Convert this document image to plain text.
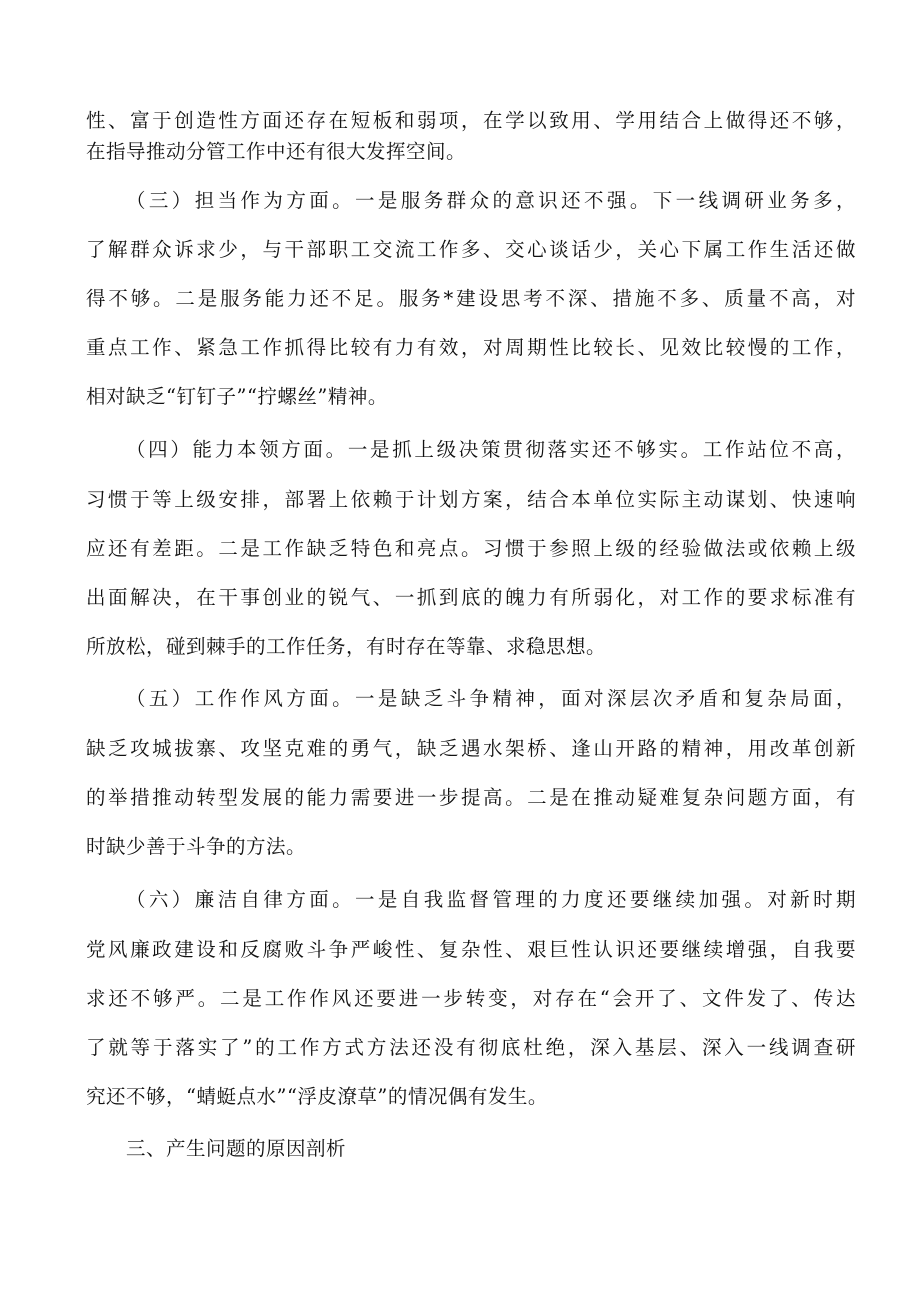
性、富于创造性方面还存在短板和弱项，在学以致用、学用结合上做得还不够，
在指导推动分管工作中还有很大发挥空间。
（三）担当作为方面。一是服务群众的意识还不强。下一线调研业务多，
了解群众诉求少，与干部职工交流工作多、交心谈话少，关心下属工作生活还做
得不够。二是服务能力还不足。服务*建设思考不深、措施不多、质量不高，对
重点工作、紧急工作抓得比较有力有效，对周期性比较长、见效比较慢的工作，
相对缺乏“钉钉子”“拧螺丝”精神。
（四）能力本领方面。一是抓上级决策贯彻落实还不够实。工作站位不高，
习惯于等上级安排，部署上依赖于计划方案，结合本单位实际主动谋划、快速响
应还有差距。二是工作缺乏特色和亮点。习惯于参照上级的经验做法或依赖上级
出面解决，在干事创业的锐气、一抓到底的魄力有所弱化，对工作的要求标准有
所放松，碰到棘手的工作任务，有时存在等靠、求稳思想。
（五）工作作风方面。一是缺乏斗争精神，面对深层次矛盾和复杂局面，
缺乏攻城拔寨、攻坚克难的勇气，缺乏遇水架桥、逢山开路的精神，用改革创新
的举措推动转型发展的能力需要进一步提高。二是在推动疑难复杂问题方面，有
时缺少善于斗争的方法。
（六）廉洁自律方面。一是自我监督管理的力度还要继续加强。对新时期
党风廉政建设和反腐败斗争严峻性、复杂性、艰巨性认识还要继续增强，自我要
求还不够严。二是工作作风还要进一步转变，对存在“会开了、文件发了、传达
了就等于落实了”的工作方式方法还没有彻底杜绝，深入基层、深入一线调查研
究还不够，“蜻蜓点水”“浮皮潦草”的情况偶有发生。
三、产生问题的原因剖析
